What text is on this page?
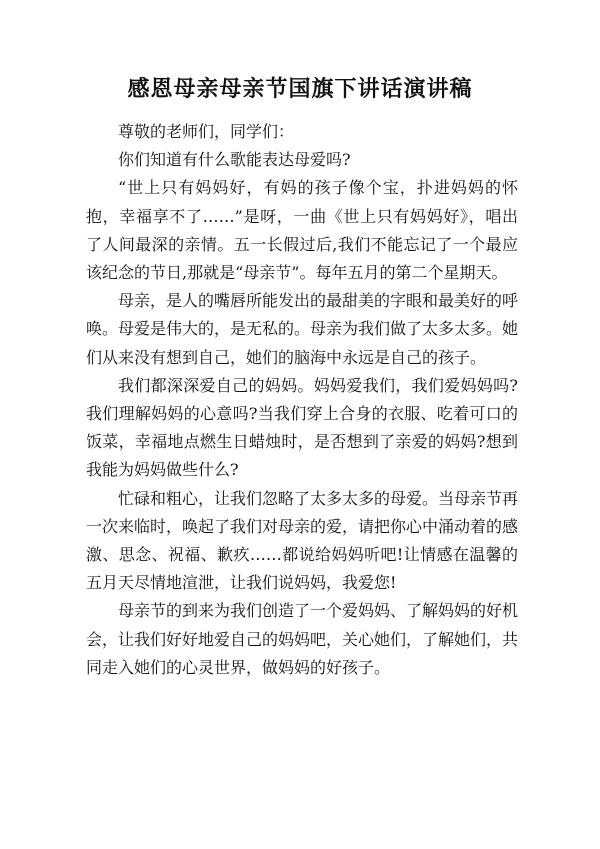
感恩母亲母亲节国旗下讲话演讲稿

尊敬的老师们，同学们：

你们知道有什么歌能表达母爱吗?

“世上只有妈妈好，有妈的孩子像个宝，扑进妈妈的怀抱，幸福享不了……”是呀，一曲《世上只有妈妈好》，唱出了人间最深的亲情。五一长假过后,我们不能忘记了一个最应该纪念的节日,那就是“母亲节”。每年五月的第二个星期天。

母亲，是人的嘴唇所能发出的最甜美的字眼和最美好的呼唤。母爱是伟大的，是无私的。母亲为我们做了太多太多。她们从来没有想到自己，她们的脑海中永远是自己的孩子。

我们都深深爱自己的妈妈。妈妈爱我们，我们爱妈妈吗?我们理解妈妈的心意吗?当我们穿上合身的衣服、吃着可口的饭菜，幸福地点燃生日蜡烛时，是否想到了亲爱的妈妈?想到我能为妈妈做些什么?

忙碌和粗心，让我们忽略了太多太多的母爱。当母亲节再一次来临时，唤起了我们对母亲的爱，请把你心中涌动着的感激、思念、祝福、歉疚……都说给妈妈听吧!让情感在温馨的五月天尽情地渲泄，让我们说妈妈，我爱您!

母亲节的到来为我们创造了一个爱妈妈、了解妈妈的好机会，让我们好好地爱自己的妈妈吧，关心她们，了解她们，共同走入她们的心灵世界，做妈妈的好孩子。
